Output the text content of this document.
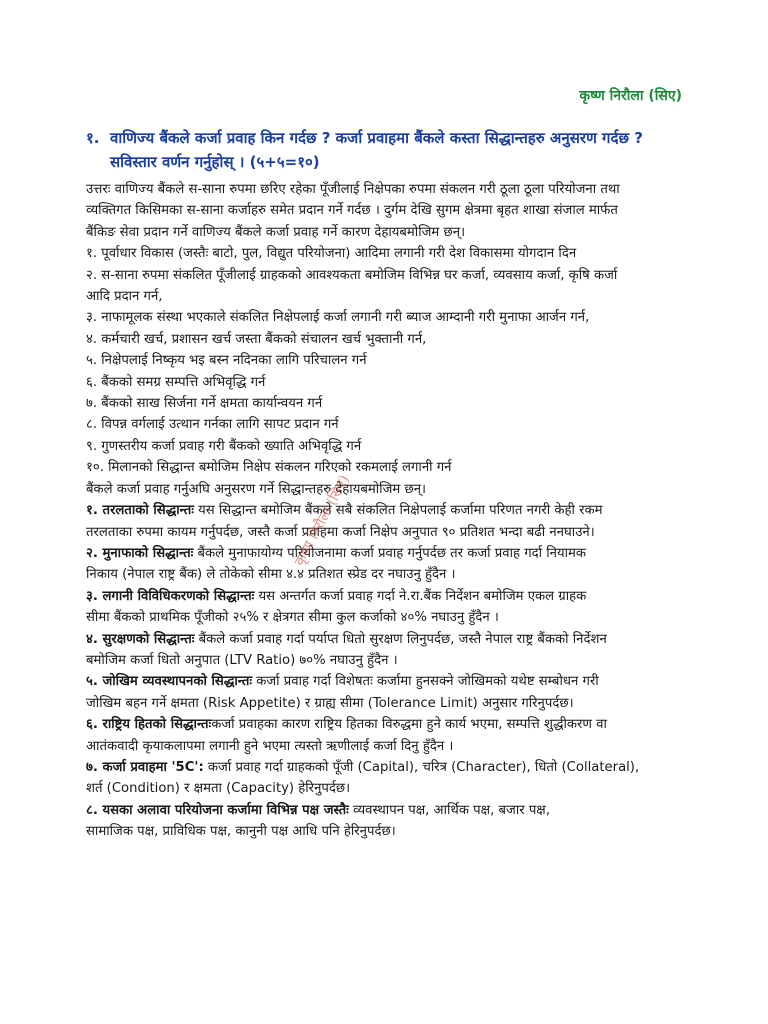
कृष्ण निरौला (सिए)
१. वाणिज्य बैंकले कर्जा प्रवाह किन गर्दछ ? कर्जा प्रवाहमा बैंकले कस्ता सिद्धान्तहरु अनुसरण गर्दछ ?
सविस्तार वर्णन गर्नुहोस् । (५+५=१०)

उत्तरः वाणिज्य बैंकले स-साना रुपमा छरिए रहेका पूँजीलाई निक्षेपका रुपमा संकलन गरी ठूला ठूला परियोजना तथा

व्यक्तिगत किसिमका स-साना कर्जाहरु समेत प्रदान गर्ने गर्दछ । दुर्गम देखि सुगम क्षेत्रमा बृहत शाखा संजाल मार्फत

बैंकिङ सेवा प्रदान गर्ने वाणिज्य बैंकले कर्जा प्रवाह गर्ने कारण देहायबमोजिम छन्।

१. पूर्वाधार विकास (जस्तैः बाटो, पुल, विद्युत परियोजना) आदिमा लगानी गरी देश विकासमा योगदान दिन

२. स-साना रुपमा संकलित पूँजीलाई ग्राहकको आवश्यकता बमोजिम विभिन्न घर कर्जा, व्यवसाय कर्जा, कृषि कर्जा

आदि प्रदान गर्न,

३. नाफामूलक संस्था भएकाले संकलित निक्षेपलाई कर्जा लगानी गरी ब्याज आम्दानी गरी मुनाफा आर्जन गर्न,

४. कर्मचारी खर्च, प्रशासन खर्च जस्ता बैंकको संचालन खर्च भुक्तानी गर्न,

५. निक्षेपलाई निष्कृय भइ बस्न नदिनका लागि परिचालन गर्न

६. बैंकको समग्र सम्पत्ति अभिवृद्धि गर्न

७. बैंकको साख सिर्जना गर्ने क्षमता कार्यान्वयन गर्न

८. विपन्न वर्गलाई उत्थान गर्नका लागि सापट प्रदान गर्न

९. गुणस्तरीय कर्जा प्रवाह गरी बैंकको ख्याति अभिवृद्धि गर्न

१०. मिलानको सिद्धान्त बमोजिम निक्षेप संकलन गरिएको रकमलाई लगानी गर्न

बैंकले कर्जा प्रवाह गर्नुअघि अनुसरण गर्ने सिद्धान्तहरु देहायबमोजिम छन्।

१. तरलताको सिद्धान्तः यस सिद्धान्त बमोजिम बैंकले सबै संकलित निक्षेपलाई कर्जामा परिणत नगरी केही रकम

तरलताका रुपमा कायम गर्नुपर्दछ, जस्तै कर्जा प्रवाहमा कर्जा निक्षेप अनुपात ९० प्रतिशत भन्दा बढी ननघाउने।

२. मुनाफाको सिद्धान्तः बैंकले मुनाफायोग्य परियोजनामा कर्जा प्रवाह गर्नुपर्दछ तर कर्जा प्रवाह गर्दा नियामक

निकाय (नेपाल राष्ट्र बैंक) ले तोकेको सीमा ४.४ प्रतिशत स्प्रेड दर नघाउनु हुँदैन ।

३. लगानी विविधिकरणको सिद्धान्तः यस अन्तर्गत कर्जा प्रवाह गर्दा ने.रा.बैंक निर्देशन बमोजिम एकल ग्राहक

सीमा बैंकको प्राथमिक पूँजीको २५% र क्षेत्रगत सीमा कुल कर्जाको ४०% नघाउनु हुँदैन ।

४. सुरक्षणको सिद्धान्तः बैंकले कर्जा प्रवाह गर्दा पर्याप्त धितो सुरक्षण लिनुपर्दछ, जस्तै नेपाल राष्ट्र बैंकको निर्देशन

बमोजिम कर्जा धितो अनुपात (LTV Ratio) ७०% नघाउनु हुँदैन ।

५. जोखिम व्यवस्थापनको सिद्धान्तः कर्जा प्रवाह गर्दा विशेषतः कर्जामा हुनसक्ने जोखिमको यथेष्ट सम्बोधन गरी

जोखिम बहन गर्ने क्षमता (Risk Appetite) र ग्राह्य सीमा (Tolerance Limit) अनुसार गरिनुपर्दछ।

६. राष्ट्रिय हितको सिद्धान्तःकर्जा प्रवाहका कारण राष्ट्रिय हितका विरुद्धमा हुने कार्य भएमा, सम्पत्ति शुद्धीकरण वा

आतंकवादी कृयाकलापमा लगानी हुने भएमा त्यस्तो ऋणीलाई कर्जा दिनु हुँदैन ।

७. कर्जा प्रवाहमा '5C': कर्जा प्रवाह गर्दा ग्राहकको पूँजी (Capital), चरित्र (Character), धितो (Collateral),

शर्त (Condition) र क्षमता (Capacity) हेरिनुपर्दछ।

८. यसका अलावा परियोजना कर्जामा विभिन्न पक्ष जस्तैः व्यवस्थापन पक्ष, आर्थिक पक्ष, बजार पक्ष,

सामाजिक पक्ष, प्राविधिक पक्ष, कानुनी पक्ष आधि पनि हेरिनुपर्दछ।

कृष्ण निरौला (सिए)
